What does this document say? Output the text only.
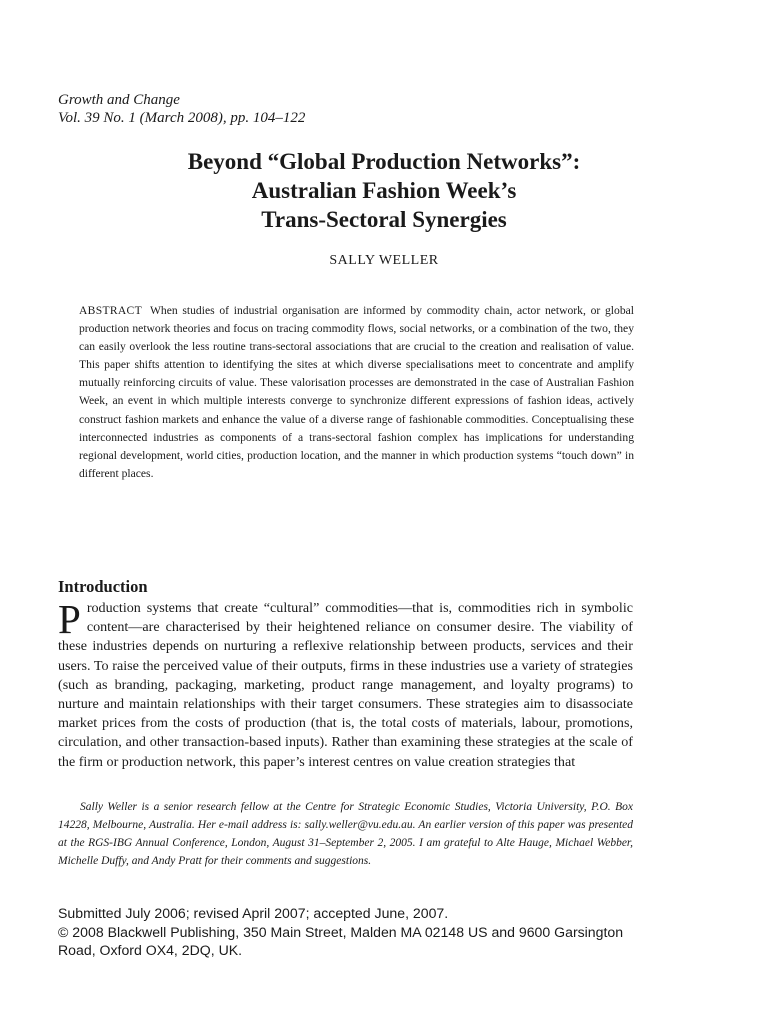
Growth and Change
Vol. 39 No. 1 (March 2008), pp. 104–122
Beyond “Global Production Networks”:
Australian Fashion Week’s
Trans-Sectoral Synergies
SALLY WELLER
ABSTRACT When studies of industrial organisation are informed by commodity chain, actor network, or global production network theories and focus on tracing commodity flows, social networks, or a combination of the two, they can easily overlook the less routine trans-sectoral associations that are crucial to the creation and realisation of value. This paper shifts attention to identifying the sites at which diverse specialisations meet to concentrate and amplify mutually reinforcing circuits of value. These valorisation processes are demonstrated in the case of Australian Fashion Week, an event in which multiple interests converge to synchronize different expressions of fashion ideas, actively construct fashion markets and enhance the value of a diverse range of fashionable commodities. Conceptualising these interconnected industries as components of a trans-sectoral fashion complex has implications for understanding regional development, world cities, production location, and the manner in which production systems “touch down” in different places.
Introduction
Production systems that create “cultural” commodities—that is, commodities rich in symbolic content—are characterised by their heightened reliance on consumer desire. The viability of these industries depends on nurturing a reflexive relationship between products, services and their users. To raise the perceived value of their outputs, firms in these industries use a variety of strategies (such as branding, packaging, marketing, product range management, and loyalty programs) to nurture and maintain relationships with their target consumers. These strategies aim to disassociate market prices from the costs of production (that is, the total costs of materials, labour, promotions, circulation, and other transaction-based inputs). Rather than examining these strategies at the scale of the firm or production network, this paper’s interest centres on value creation strategies that
Sally Weller is a senior research fellow at the Centre for Strategic Economic Studies, Victoria University, P.O. Box 14228, Melbourne, Australia. Her e-mail address is: sally.weller@vu.edu.au. An earlier version of this paper was presented at the RGS-IBG Annual Conference, London, August 31–September 2, 2005. I am grateful to Alte Hauge, Michael Webber, Michelle Duffy, and Andy Pratt for their comments and suggestions.
Submitted July 2006; revised April 2007; accepted June, 2007.
© 2008 Blackwell Publishing, 350 Main Street, Malden MA 02148 US and 9600 Garsington Road, Oxford OX4, 2DQ, UK.
